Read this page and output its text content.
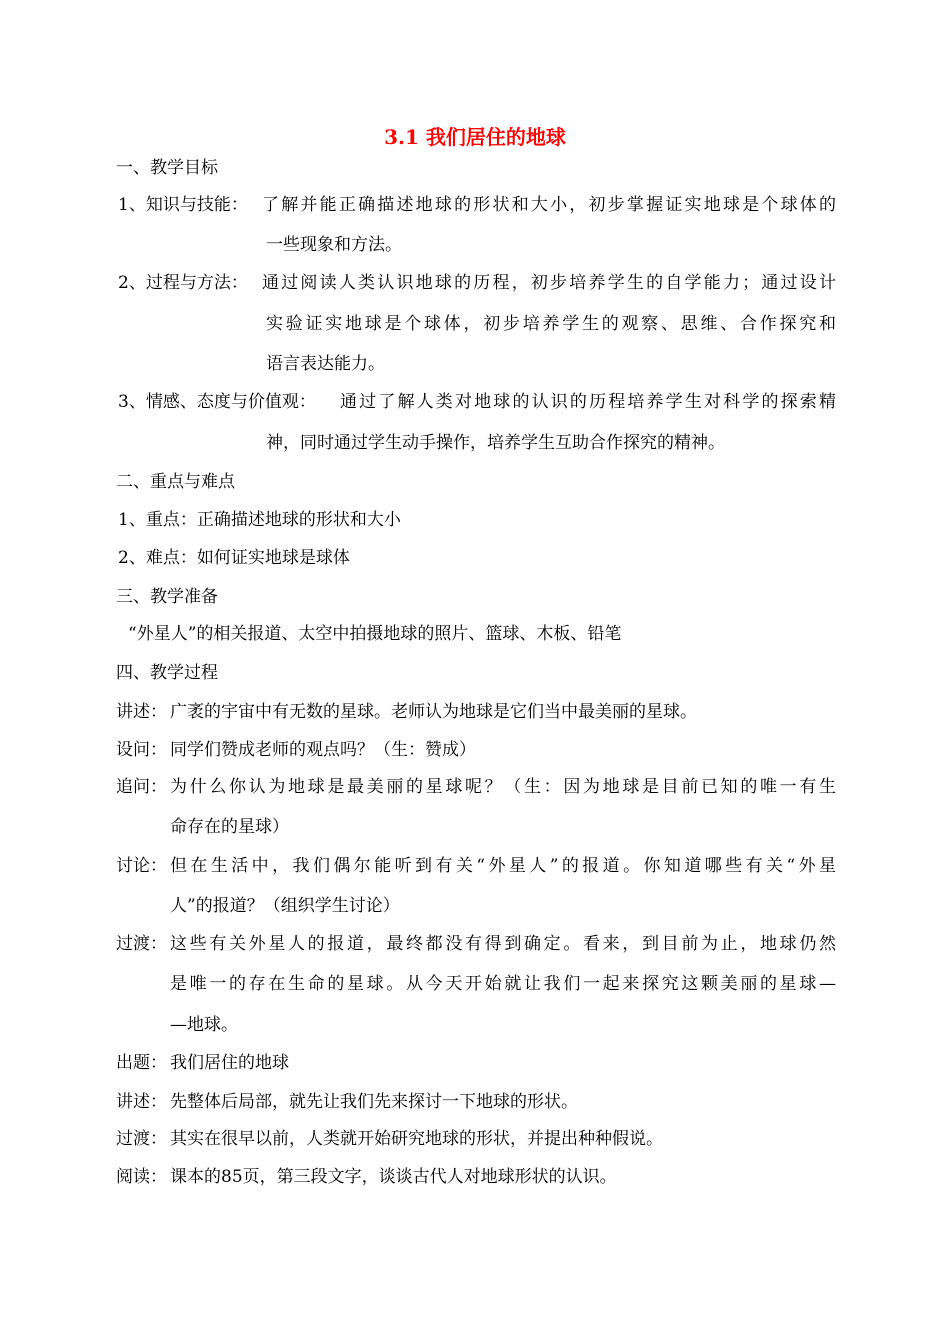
3.1 我们居住的地球
一、教学目标
1、知识与技能： 了解并能正确描述地球的形状和大小，初步掌握证实地球是个球体的
一些现象和方法。
2、过程与方法： 通过阅读人类认识地球的历程，初步培养学生的自学能力；通过设计
实验证实地球是个球体，初步培养学生的观察、思维、合作探究和
语言表达能力。
3、情感、态度与价值观： 通过了解人类对地球的认识的历程培养学生对科学的探索精
神，同时通过学生动手操作，培养学生互助合作探究的精神。
二、重点与难点
1、重点：正确描述地球的形状和大小
2、难点：如何证实地球是球体
三、教学准备
“外星人”的相关报道、太空中拍摄地球的照片、篮球、木板、铅笔
四、教学过程
讲述： 广袤的宇宙中有无数的星球。老师认为地球是它们当中最美丽的星球。
设问： 同学们赞成老师的观点吗？（生：赞成）
追问： 为什么你认为地球是最美丽的星球呢？（生：因为地球是目前已知的唯一有生
命存在的星球）
讨论： 但在生活中，我们偶尔能听到有关“外星人”的报道。你知道哪些有关“外星
人”的报道？（组织学生讨论）
过渡： 这些有关外星人的报道，最终都没有得到确定。看来，到目前为止，地球仍然
是唯一的存在生命的星球。从今天开始就让我们一起来探究这颗美丽的星球—
—地球。
出题： 我们居住的地球
讲述： 先整体后局部，就先让我们先来探讨一下地球的形状。
过渡： 其实在很早以前，人类就开始研究地球的形状，并提出种种假说。
阅读： 课本的85页，第三段文字，谈谈古代人对地球形状的认识。
